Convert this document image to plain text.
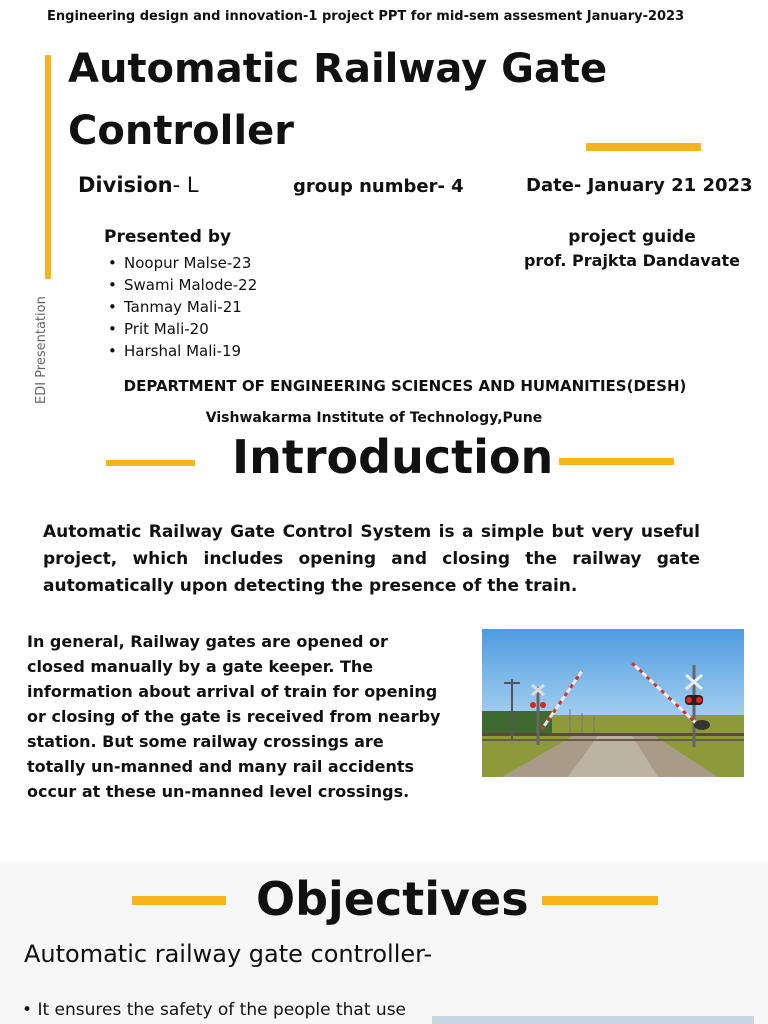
Engineering design and innovation-1 project PPT for mid-sem assesment January-2023
Automatic Railway Gate Controller
Division- L	group number- 4	Date- January 21 2023
Presented by
• Noopur Malse-23
• Swami Malode-22
• Tanmay Mali-21
• Prit Mali-20
• Harshal Mali-19
project guide
prof. Prajkta Dandavate
EDI Presentation	DEPARTMENT OF ENGINEERING SCIENCES AND HUMANITIES(DESH)
Vishwakarma Institute of Technology,Pune
Introduction

Automatic Railway Gate Control System is a simple but very useful project, which includes opening and closing the railway gate automatically upon detecting the presence of the train.

In general, Railway gates are opened or closed manually by a gate keeper. The information about arrival of train for opening or closing of the gate is received from nearby station. But some railway crossings are totally un-manned and many rail accidents occur at these un-manned level crossings.

Objectives
Automatic railway gate controller-
• It ensures the safety of the people that use
